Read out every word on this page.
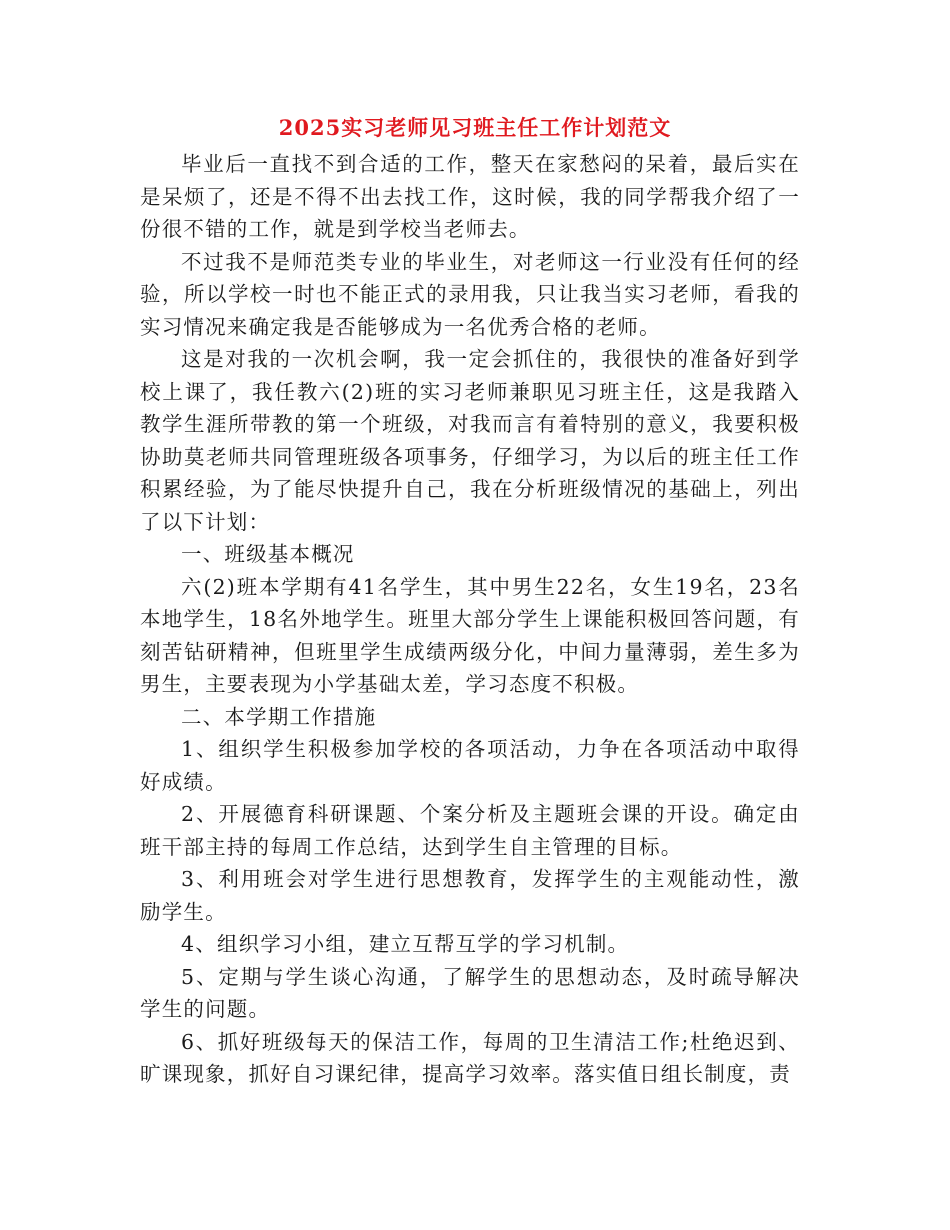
2025实习老师见习班主任工作计划范文

毕业后一直找不到合适的工作，整天在家愁闷的呆着，最后实在是呆烦了，还是不得不出去找工作，这时候，我的同学帮我介绍了一份很不错的工作，就是到学校当老师去。

不过我不是师范类专业的毕业生，对老师这一行业没有任何的经验，所以学校一时也不能正式的录用我，只让我当实习老师，看我的实习情况来确定我是否能够成为一名优秀合格的老师。

这是对我的一次机会啊，我一定会抓住的，我很快的准备好到学校上课了，我任教六(2)班的实习老师兼职见习班主任，这是我踏入教学生涯所带教的第一个班级，对我而言有着特别的意义，我要积极协助莫老师共同管理班级各项事务，仔细学习，为以后的班主任工作积累经验，为了能尽快提升自己，我在分析班级情况的基础上，列出了以下计划：

一、班级基本概况

六(2)班本学期有41名学生，其中男生22名，女生19名，23名本地学生，18名外地学生。班里大部分学生上课能积极回答问题，有刻苦钻研精神，但班里学生成绩两级分化，中间力量薄弱，差生多为男生，主要表现为小学基础太差，学习态度不积极。

二、本学期工作措施

1、组织学生积极参加学校的各项活动，力争在各项活动中取得好成绩。

2、开展德育科研课题、个案分析及主题班会课的开设。确定由班干部主持的每周工作总结，达到学生自主管理的目标。

3、利用班会对学生进行思想教育，发挥学生的主观能动性，激励学生。

4、组织学习小组，建立互帮互学的学习机制。

5、定期与学生谈心沟通，了解学生的思想动态，及时疏导解决学生的问题。

6、抓好班级每天的保洁工作，每周的卫生清洁工作;杜绝迟到、旷课现象，抓好自习课纪律，提高学习效率。落实值日组长制度，责
